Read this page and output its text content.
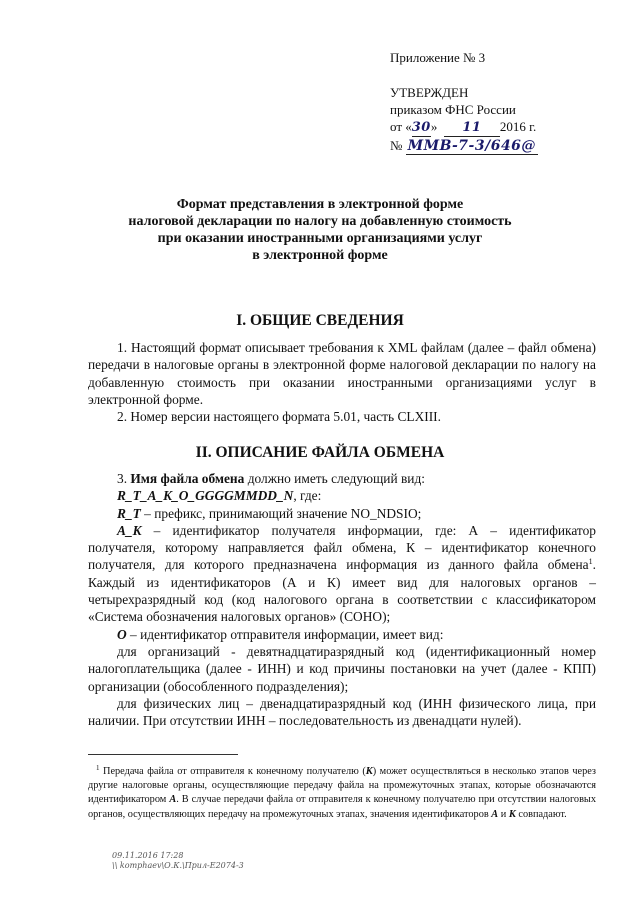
Приложение № 3
УТВЕРЖДЕН
приказом ФНС России
от «30» 11 2016 г.
№ ММВ-7-3/646@
Формат представления в электронной форме
налоговой декларации по налогу на добавленную стоимость
при оказании иностранными организациями услуг
в электронной форме
I. ОБЩИЕ СВЕДЕНИЯ

1. Настоящий формат описывает требования к XML файлам (далее – файл обмена) передачи в налоговые органы в электронной форме налоговой декларации по налогу на добавленную стоимость при оказании иностранными организациями услуг в электронной форме.

2. Номер версии настоящего формата 5.01, часть CLXIII.

II. ОПИСАНИЕ ФАЙЛА ОБМЕНА

3. Имя файла обмена должно иметь следующий вид:

R_T_A_K_O_GGGGMMDD_N, где:

R_T – префикс, принимающий значение NO_NDSIO;

A_K – идентификатор получателя информации, где: А – идентификатор получателя, которому направляется файл обмена, К – идентификатор конечного получателя, для которого предназначена информация из данного файла обмена$^1$. Каждый из идентификаторов (А и К) имеет вид для налоговых органов – четырехразрядный код (код налогового органа в соответствии с классификатором «Система обозначения налоговых органов» (СОНО);

O – идентификатор отправителя информации, имеет вид:

для организаций - девятнадцатиразрядный код (идентификационный номер налогоплательщика (далее - ИНН) и код причины постановки на учет (далее - КПП) организации (обособленного подразделения);

для физических лиц – двенадцатиразрядный код (ИНН физического лица, при наличии. При отсутствии ИНН – последовательность из двенадцати нулей).

$^1$ Передача файла от отправителя к конечному получателю (К) может осуществляться в несколько этапов через другие налоговые органы, осуществляющие передачу файла на промежуточных этапах, которые обозначаются идентификатором А. В случае передачи файла от отправителя к конечному получателю при отсутствии налоговых органов, осуществляющих передачу на промежуточных этапах, значения идентификаторов А и К совпадают.

09.11.2016 17:28
\\ komphaev\О.К.\Прил-Е2074-3
